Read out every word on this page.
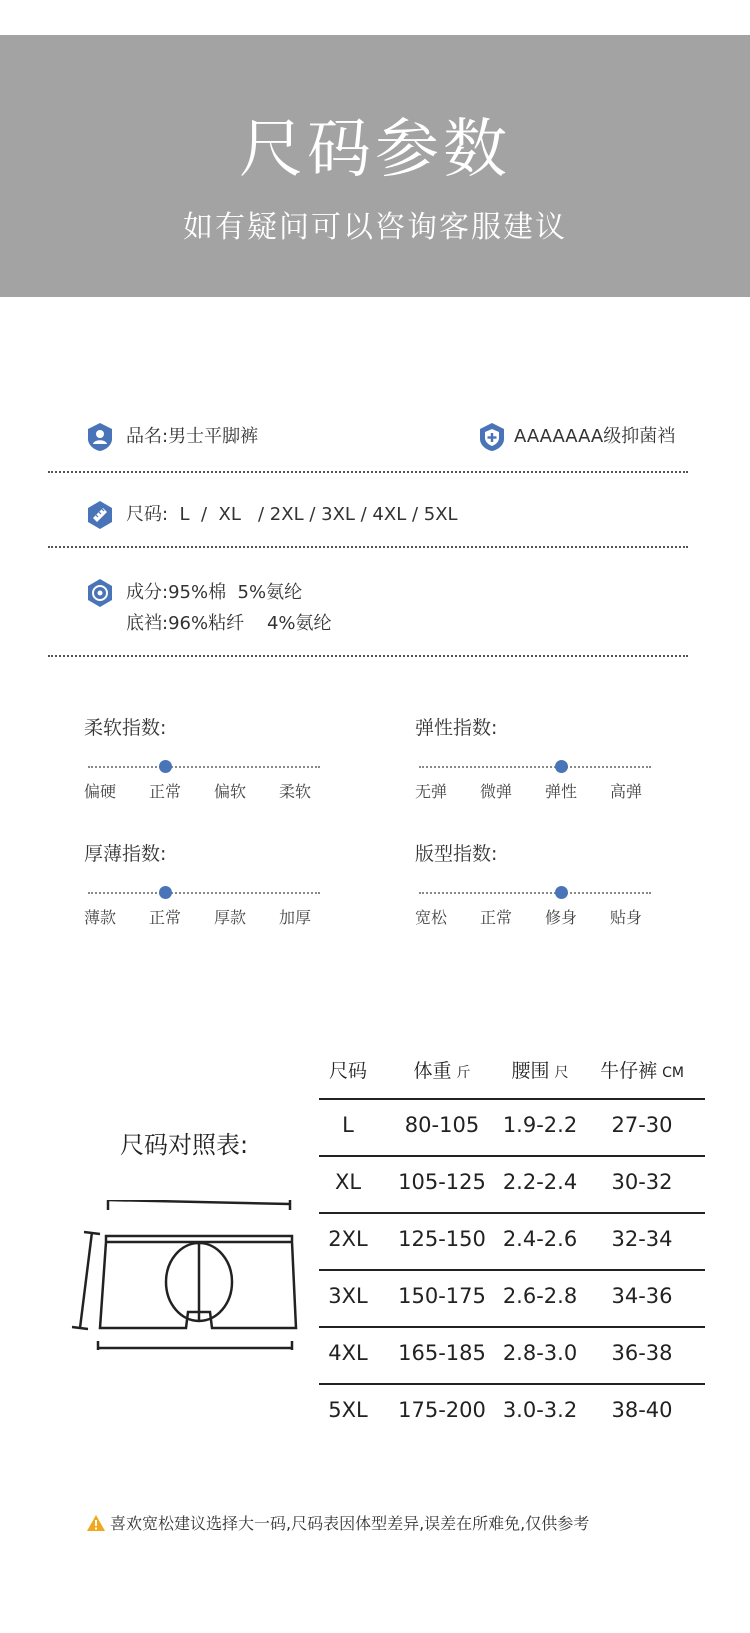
尺码参数
如有疑问可以咨询客服建议
品名:男士平脚裤	AAAAAAA级抑菌裆
尺码:  L  /  XL   / 2XL / 3XL / 4XL / 5XL
成分:95%棉  5%氨纶
底裆:96%粘纤    4%氨纶
柔软指数:
偏硬 正常 偏软 柔软
弹性指数:
无弹 微弹 弹性 高弹
厚薄指数:
薄款 正常 厚款 加厚
版型指数:
宽松 正常 修身 贴身
尺码对照表:
尺码	体重 斤	腰围 尺	牛仔裤 CM
L	80-105	1.9-2.2	27-30
XL	105-125 2.2-2.4	30-32
2XL	125-150 2.4-2.6	32-34
3XL	150-175 2.6-2.8	34-36
4XL	165-185 2.8-3.0	36-38
5XL	175-200 3.0-3.2	38-40
喜欢宽松建议选择大一码,尺码表因体型差异,误差在所难免,仅供参考
